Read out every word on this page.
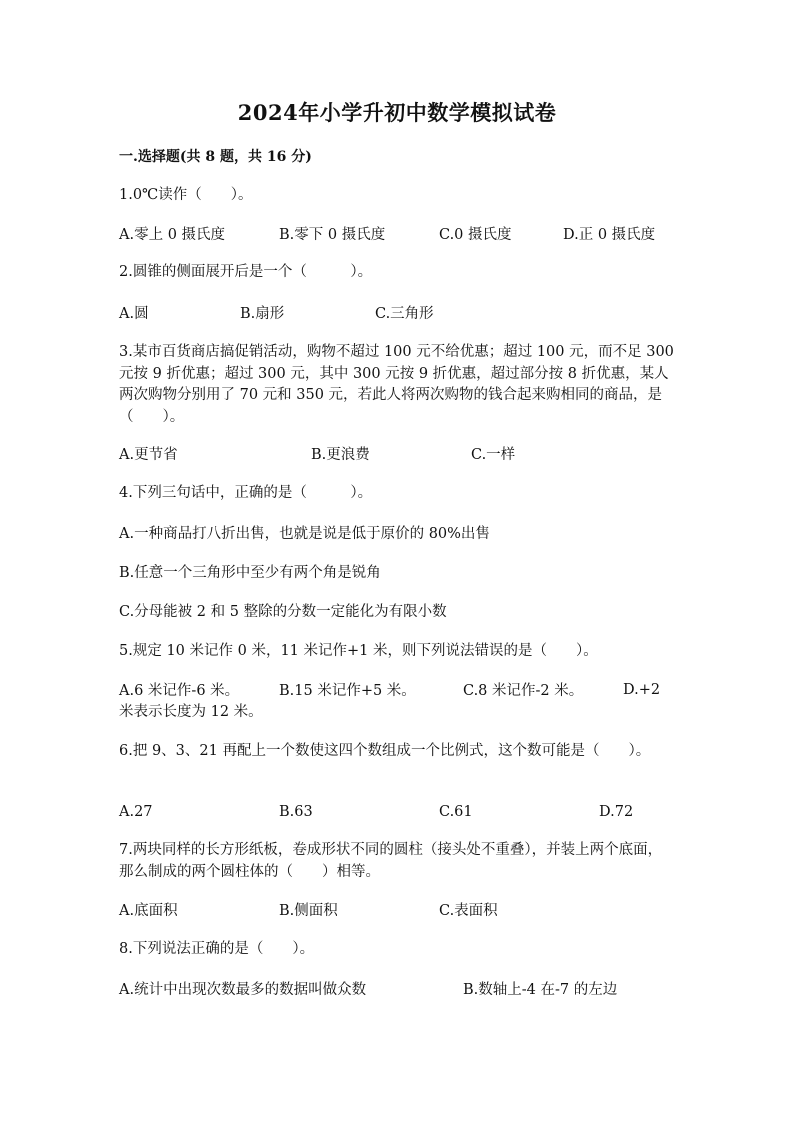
2024年小学升初中数学模拟试卷
一.选择题(共 8 题，共 16 分)
1.0℃读作（　　）。
A.零上 0 摄氏度	B.零下 0 摄氏度	C.0 摄氏度	D.正 0 摄氏度
2.圆锥的侧面展开后是一个（　　　）。
A.圆	B.扇形	C.三角形
3.某市百货商店搞促销活动，购物不超过 100 元不给优惠；超过 100 元，而不足 300 元按 9 折优惠；超过 300 元，其中 300 元按 9 折优惠，超过部分按 8 折优惠，某人两次购物分别用了 70 元和 350 元，若此人将两次购物的钱合起来购相同的商品，是（　　）。
A.更节省	B.更浪费	C.一样
4.下列三句话中，正确的是（　　　）。
A.一种商品打八折出售，也就是说是低于原价的 80%出售
B.任意一个三角形中至少有两个角是锐角
C.分母能被 2 和 5 整除的分数一定能化为有限小数
5.规定 10 米记作 0 米，11 米记作+1 米，则下列说法错误的是（　　）。
A.6 米记作-6 米。	B.15 米记作+5 米。	C.8 米记作-2 米。	D.+2 米表示长度为 12 米。
6.把 9、3、21 再配上一个数使这四个数组成一个比例式，这个数可能是（　　）。
A.27	B.63	C.61	D.72
7.两块同样的长方形纸板，卷成形状不同的圆柱（接头处不重叠），并装上两个底面，那么制成的两个圆柱体的（　　）相等。
A.底面积	B.侧面积	C.表面积
8.下列说法正确的是（　　）。
A.统计中出现次数最多的数据叫做众数	B.数轴上-4 在-7 的左边
